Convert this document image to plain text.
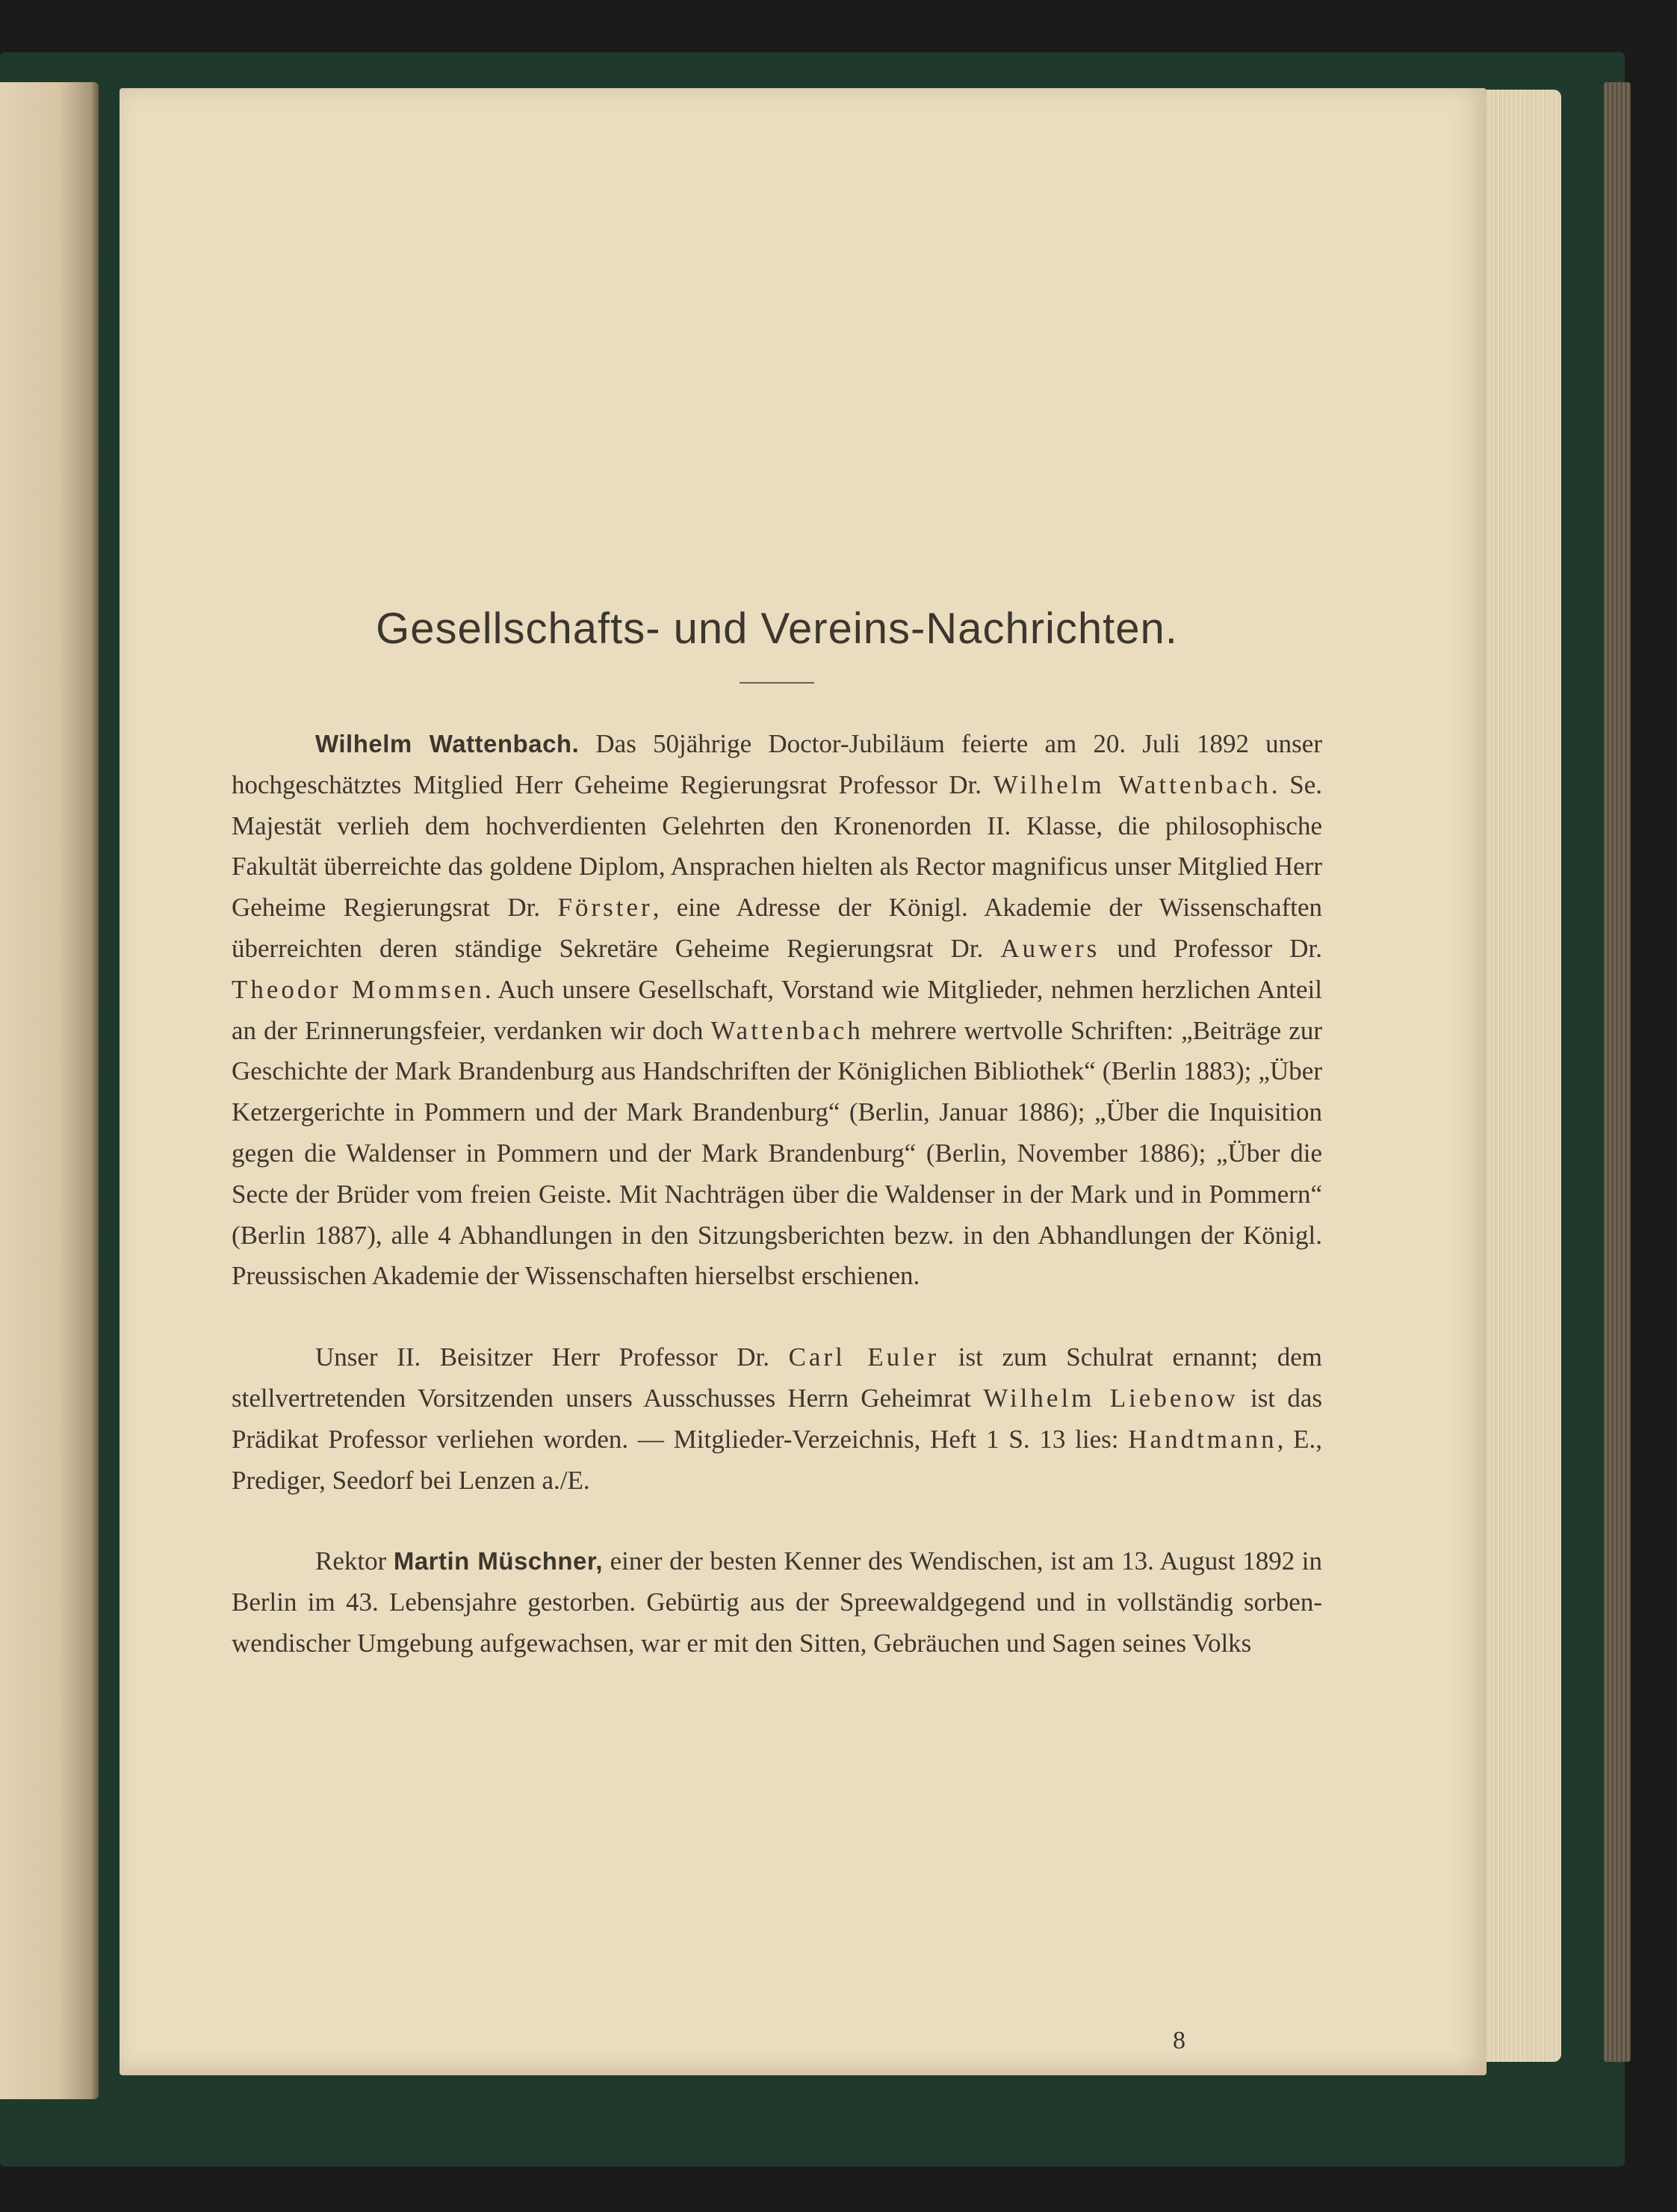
Gesellschafts- und Vereins-Nachrichten.

Wilhelm Wattenbach. Das 50jährige Doctor-Jubiläum feierte am 20. Juli 1892 unser hochgeschätztes Mitglied Herr Geheime Regierungsrat Professor Dr. Wilhelm Wattenbach. Se. Majestät verlieh dem hochverdienten Gelehrten den Kronenorden II. Klasse, die philosophische Fakultät überreichte das goldene Diplom, Ansprachen hielten als Rector magnificus unser Mitglied Herr Geheime Regierungsrat Dr. Förster, eine Adresse der Königl. Akademie der Wissenschaften überreichten deren ständige Sekretäre Geheime Regierungsrat Dr. Auwers und Professor Dr. Theodor Mommsen. Auch unsere Gesellschaft, Vorstand wie Mitglieder, nehmen herzlichen Anteil an der Erinnerungsfeier, verdanken wir doch Wattenbach mehrere wertvolle Schriften: „Beiträge zur Geschichte der Mark Brandenburg aus Handschriften der Königlichen Bibliothek“ (Berlin 1883); „Über Ketzergerichte in Pommern und der Mark Brandenburg“ (Berlin, Januar 1886); „Über die Inquisition gegen die Waldenser in Pommern und der Mark Brandenburg“ (Berlin, November 1886); „Über die Secte der Brüder vom freien Geiste. Mit Nachträgen über die Waldenser in der Mark und in Pommern“ (Berlin 1887), alle 4 Abhandlungen in den Sitzungsberichten bezw. in den Abhandlungen der Königl. Preussischen Akademie der Wissenschaften hierselbst erschienen.

Unser II. Beisitzer Herr Professor Dr. Carl Euler ist zum Schulrat ernannt; dem stellvertretenden Vorsitzenden unsers Ausschusses Herrn Geheimrat Wilhelm Liebenow ist das Prädikat Professor verliehen worden. — Mitglieder-Verzeichnis, Heft 1 S. 13 lies: Handtmann, E., Prediger, Seedorf bei Lenzen a./E.

Rektor Martin Müschner, einer der besten Kenner des Wendischen, ist am 13. August 1892 in Berlin im 43. Lebensjahre gestorben. Gebürtig aus der Spreewaldgegend und in vollständig sorben-wendischer Umgebung aufgewachsen, war er mit den Sitten, Gebräuchen und Sagen seines Volks

8
